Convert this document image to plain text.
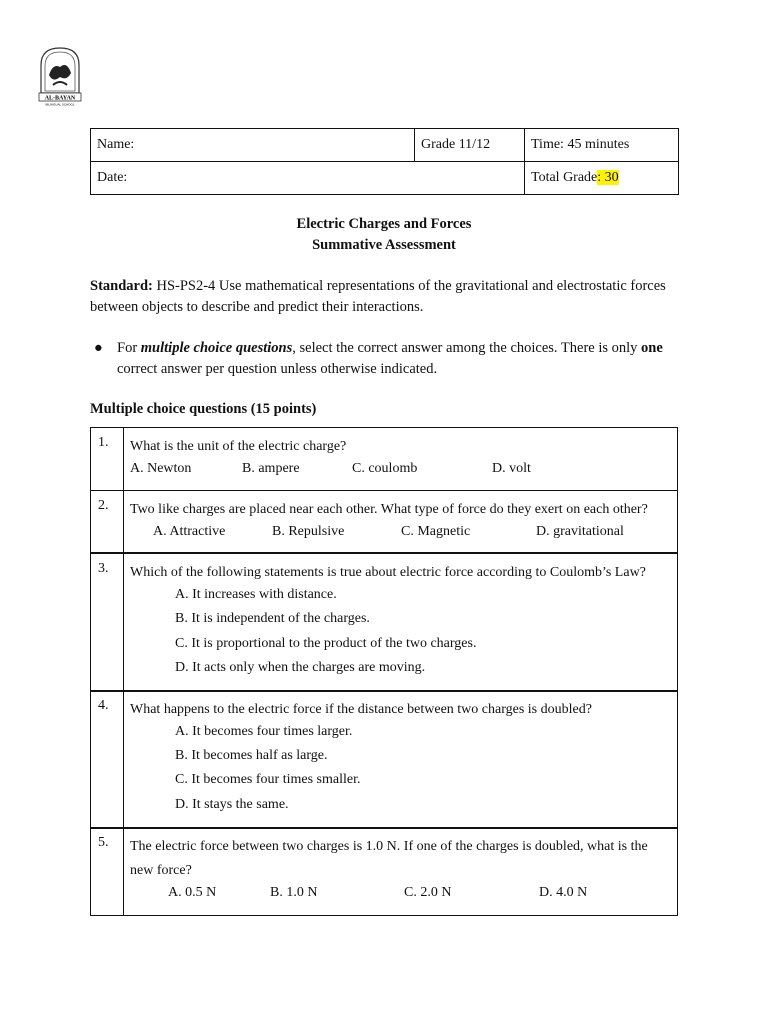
AL-BAYAN
BILINGUAL SCHOOL
Name:	Grade 11/12	Time: 45 minutes
Date:		Total Grade: 30
Electric Charges and Forces
Summative Assessment
Standard: HS-PS2-4 Use mathematical representations of the gravitational and electrostatic forces between objects to describe and predict their interactions.
● For multiple choice questions, select the correct answer among the choices. There is only one correct answer per question unless otherwise indicated.
Multiple choice questions (15 points)
1. What is the unit of the electric charge?
A. Newton	B. ampere	C. coulomb	D. volt
2. Two like charges are placed near each other. What type of force do they exert on each other?
A. Attractive	B. Repulsive	C. Magnetic	D. gravitational
3. Which of the following statements is true about electric force according to Coulomb’s Law?
A. It increases with distance.
B. It is independent of the charges.
C. It is proportional to the product of the two charges.
D. It acts only when the charges are moving.
4. What happens to the electric force if the distance between two charges is doubled?
A. It becomes four times larger.
B. It becomes half as large.
C. It becomes four times smaller.
D. It stays the same.
5. The electric force between two charges is 1.0 N. If one of the charges is doubled, what is the new force?
A. 0.5 N	B. 1.0 N	C. 2.0 N	D. 4.0 N
